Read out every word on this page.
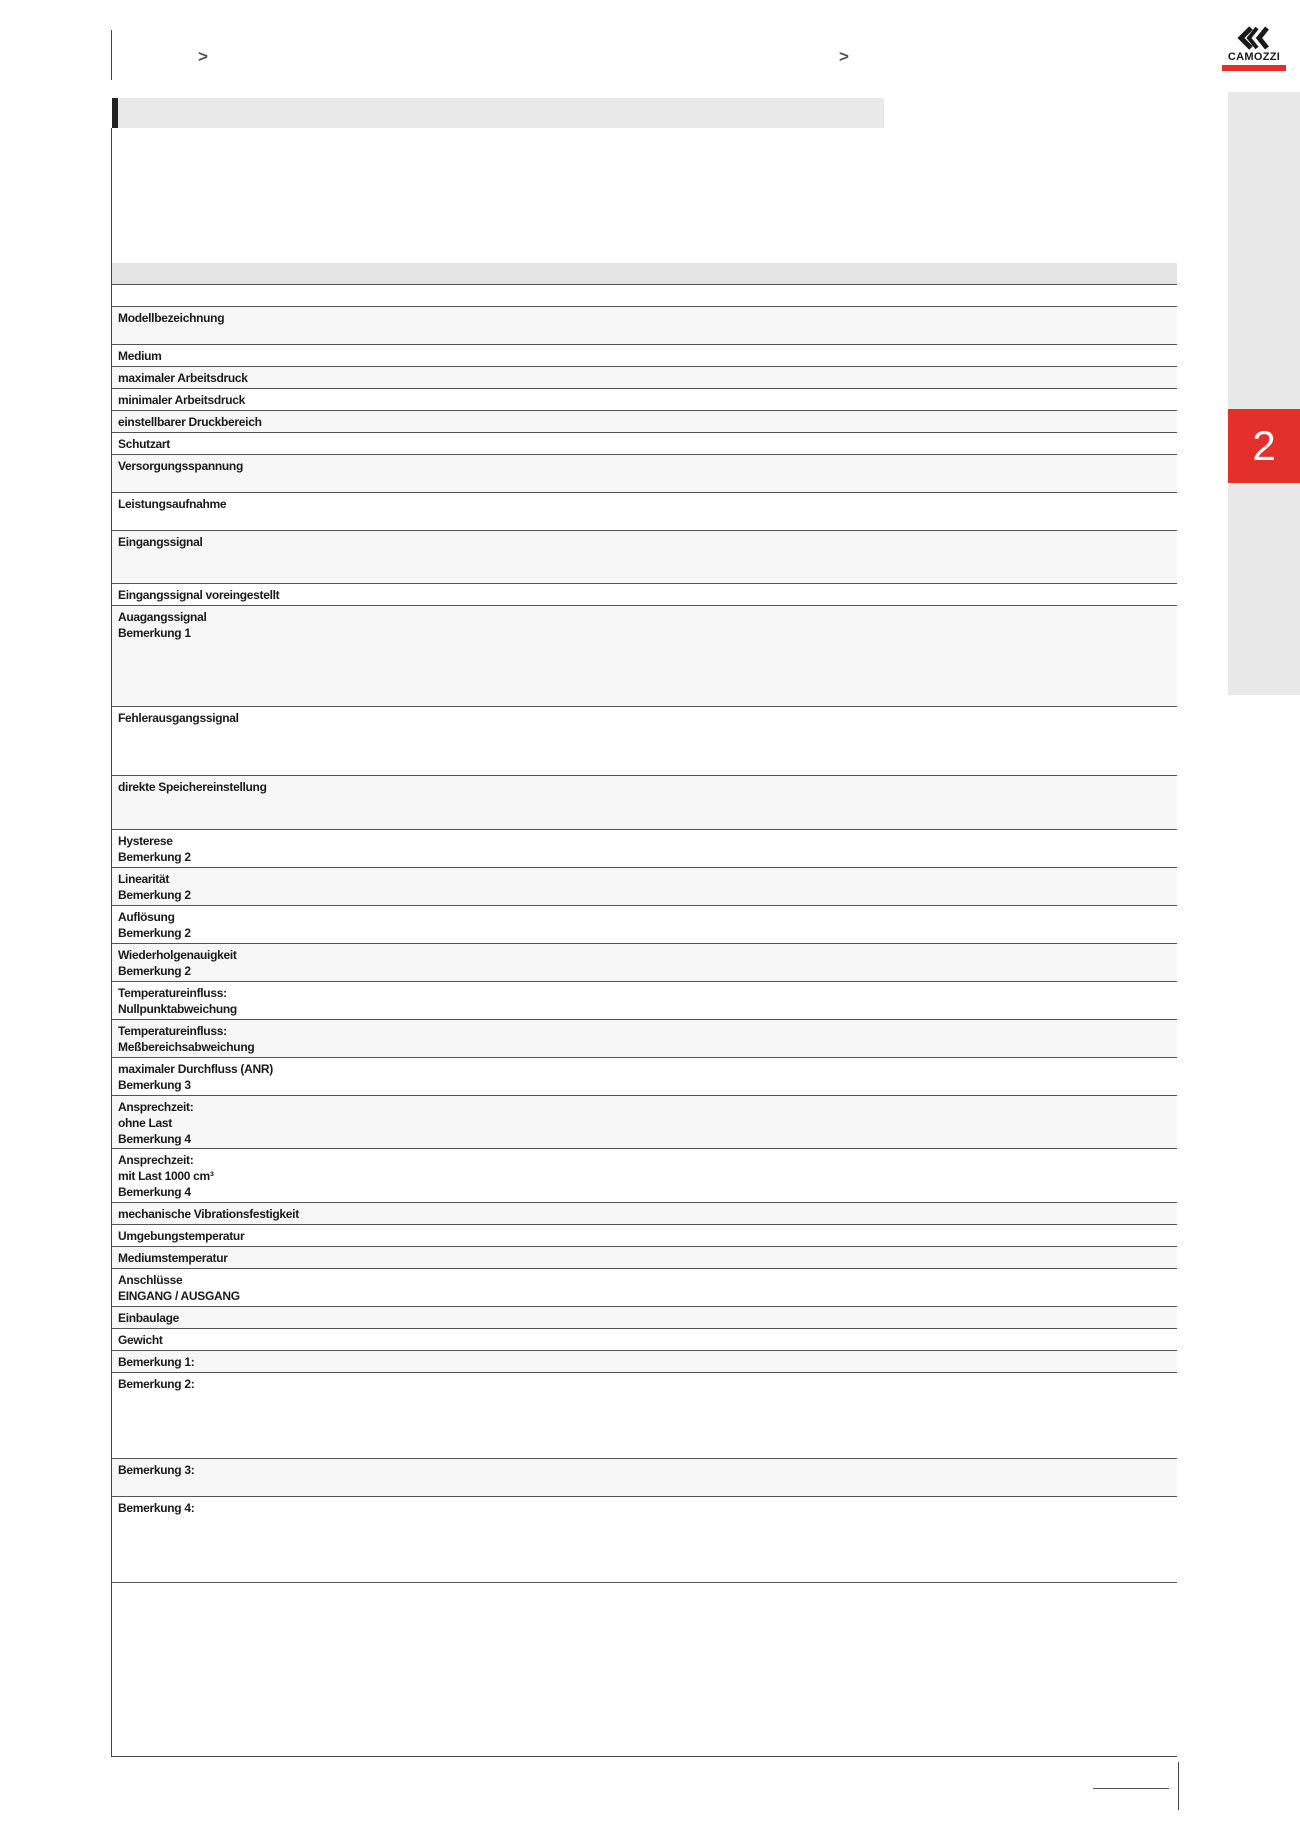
>	>	CAMOZZI
2
Modellbezeichnung
Medium
maximaler Arbeitsdruck
minimaler Arbeitsdruck
einstellbarer Druckbereich
Schutzart
Versorgungsspannung
Leistungsaufnahme
Eingangssignal
Eingangssignal voreingestellt
Auagangssignal
Bemerkung 1
Fehlerausgangssignal
direkte Speichereinstellung
Hysterese
Bemerkung 2
Linearität
Bemerkung 2
Auflösung
Bemerkung 2
Wiederholgenauigkeit
Bemerkung 2
Temperatureinfluss:
Nullpunktabweichung
Temperatureinfluss:
Meßbereichsabweichung
maximaler Durchfluss (ANR)
Bemerkung 3
Ansprechzeit:
ohne Last
Bemerkung 4
Ansprechzeit:
mit Last 1000 cm³
Bemerkung 4
mechanische Vibrationsfestigkeit
Umgebungstemperatur
Mediumstemperatur
Anschlüsse
EINGANG / AUSGANG
Einbaulage
Gewicht
Bemerkung 1:
Bemerkung 2:
Bemerkung 3:
Bemerkung 4:
